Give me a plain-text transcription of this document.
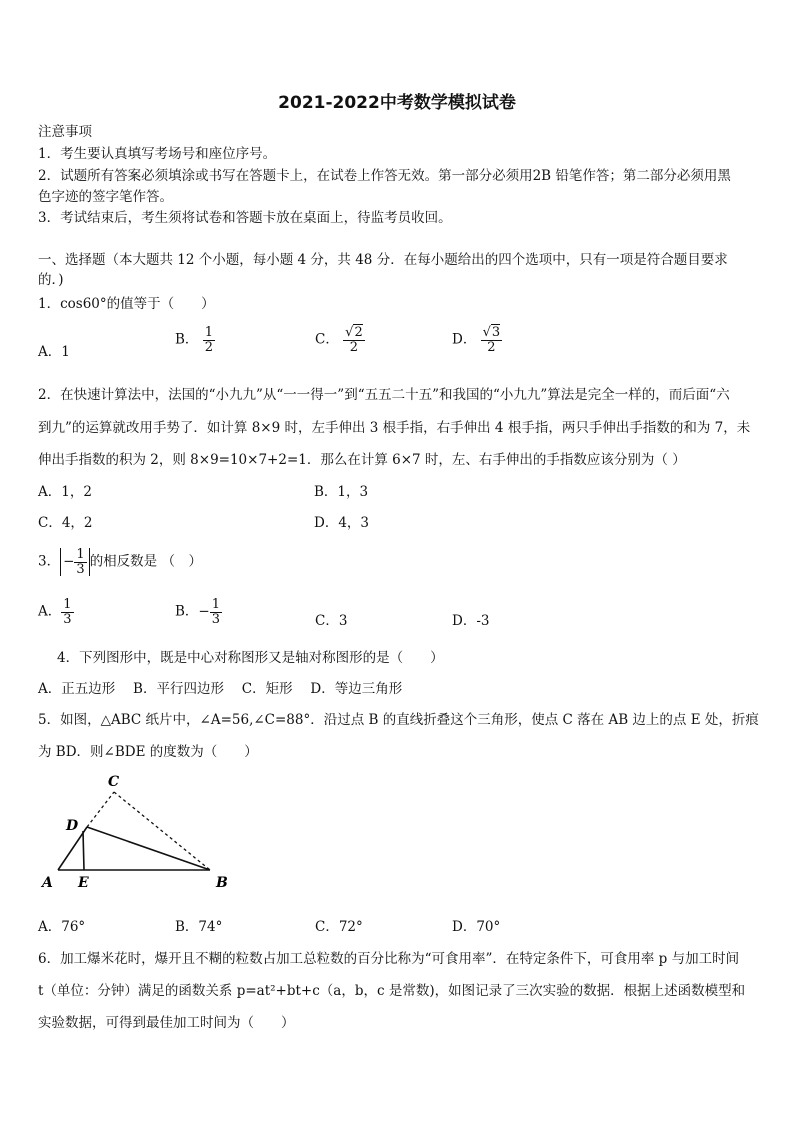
2021-2022中考数学模拟试卷
注意事项
1．考生要认真填写考场号和座位序号。
2．试题所有答案必须填涂或书写在答题卡上，在试卷上作答无效。第一部分必须用2B 铅笔作答；第二部分必须用黑
色字迹的签字笔作答。
3．考试结束后，考生须将试卷和答题卡放在桌面上，待监考员收回。
一、选择题（本大题共 12 个小题，每小题 4 分，共 48 分．在每小题给出的四个选项中，只有一项是符合题目要求
的．)
1．cos60°的值等于（　　）
A．1
B． $\frac{1}{2}$	C． $\frac{√2}{2}$	D． $\frac{√3}{2}$
2．在快速计算法中，法国的“小九九”从“一一得一”到“五五二十五”和我国的“小九九”算法是完全一样的，而后面“六
到九”的运算就改用手势了．如计算 8×9 时，左手伸出 3 根手指，右手伸出 4 根手指，两只手伸出手指数的和为 7，未
伸出手指数的积为 2，则 8×9=10×7+2=1．那么在计算 6×7 时，左、右手伸出的手指数应该分别为（ ）
A．1，2	B．1，3
C．4，2	D．4，3
3． − $\frac{1}{3}$ 的相反数是 （　）
A． $\frac{1}{3}$	B．− $\frac{1}{3}$	C．3	D．-3
4．下列图形中，既是中心对称图形又是轴对称图形的是（　　）
A．正五边形　 B．平行四边形　 C．矩形　 D．等边三角形
5．如图，△ABC 纸片中，∠A=56,∠C=88°．沿过点 B 的直线折叠这个三角形，使点 C 落在 AB 边上的点 E 处，折痕
为 BD．则∠BDE 的度数为（　　）
C
D
A E	B
A．76°	B．74°	C．72°	D．70°
6．加工爆米花时，爆开且不糊的粒数占加工总粒数的百分比称为“可食用率”．在特定条件下，可食用率 p 与加工时间
t（单位：分钟）满足的函数关系 p=at²+bt+c（a，b，c 是常数)，如图记录了三次实验的数据．根据上述函数模型和
实验数据，可得到最佳加工时间为（　　）
